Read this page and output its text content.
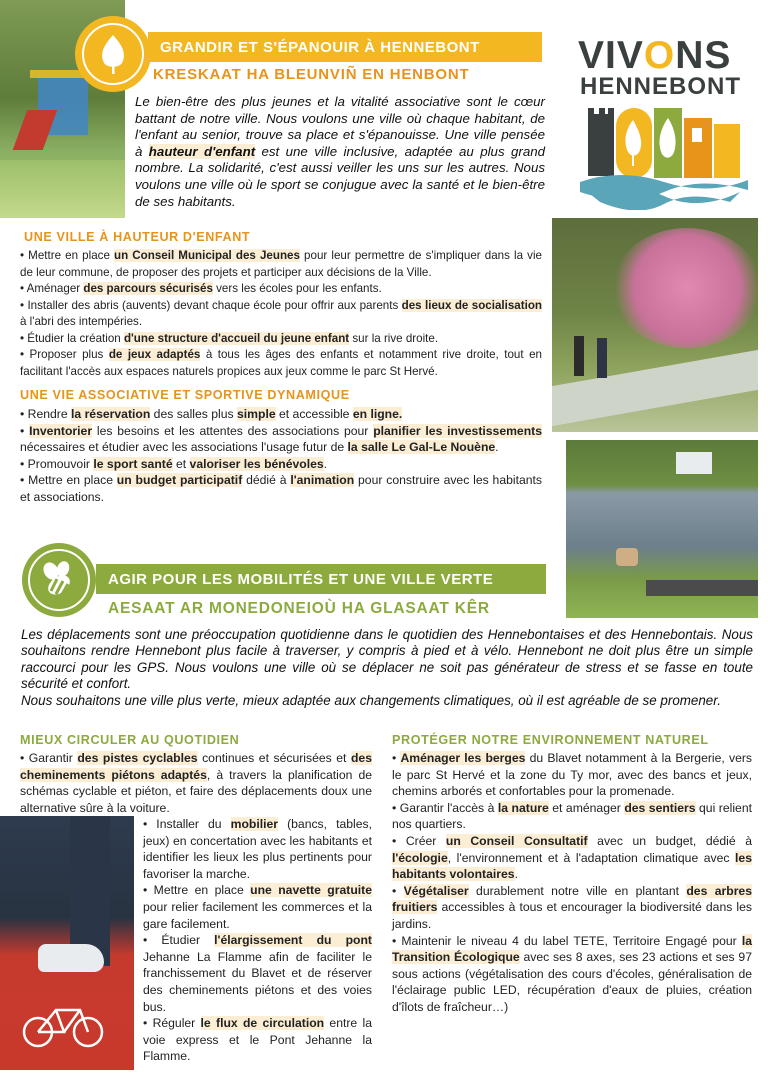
GRANDIR ET S'ÉPANOUIR À HENNEBONT
KRESKAAT HA BLEUNVIÑ EN HENBONT	VIVONS
HENNEBONT
Le bien-être des plus jeunes et la vitalité associative sont le cœur battant de notre ville. Nous voulons une ville où chaque habitant, de l'enfant au senior, trouve sa place et s'épanouisse. Une ville pensée à hauteur d'enfant est une ville inclusive, adaptée au plus grand nombre. La solidarité, c'est aussi veiller les uns sur les autres. Nous voulons une ville où le sport se conjugue avec la santé et le bien-être de ses habitants.
UNE VILLE À HAUTEUR D'ENFANT

• Mettre en place un Conseil Municipal des Jeunes pour leur permettre de s'impliquer dans la vie de leur commune, de proposer des projets et participer aux décisions de la Ville.

• Aménager des parcours sécurisés vers les écoles pour les enfants.

• Installer des abris (auvents) devant chaque école pour offrir aux parents des lieux de socialisation à l'abri des intempéries.

• Étudier la création d'une structure d'accueil du jeune enfant sur la rive droite.

• Proposer plus de jeux adaptés à tous les âges des enfants et notamment rive droite, tout en facilitant l'accès aux espaces naturels propices aux jeux comme le parc St Hervé.

UNE VIE ASSOCIATIVE ET SPORTIVE DYNAMIQUE

• Rendre la réservation des salles plus simple et accessible en ligne.

• Inventorier les besoins et les attentes des associations pour planifier les investissements nécessaires et étudier avec les associations l'usage futur de la salle Le Gal-Le Nouène.

• Promouvoir le sport santé et valoriser les bénévoles.

• Mettre en place un budget participatif dédié à l'animation pour construire avec les habitants et associations.

AGIR POUR LES MOBILITÉS ET UNE VILLE VERTE
AESAAT AR MONEDONEIOÙ HA GLASAAT KÊR
Les déplacements sont une préoccupation quotidienne dans le quotidien des Hennebontaises et des Hennebontais. Nous souhaitons rendre Hennebont plus facile à traverser, y compris à pied et à vélo. Hennebont ne doit plus être un simple raccourci pour les GPS. Nous voulons une ville où se déplacer ne soit pas générateur de stress et se fasse en toute sécurité et confort.
Nous souhaitons une ville plus verte, mieux adaptée aux changements climatiques, où il est agréable de se promener.
MIEUX CIRCULER AU QUOTIDIEN

• Garantir des pistes cyclables continues et sécurisées et des cheminements piétons adaptés, à travers la planification de schémas cyclable et piéton, et faire des déplacements doux une alternative sûre à la voiture.

• Installer du mobilier (bancs, tables, jeux) en concertation avec les habitants et identifier les lieux les plus pertinents pour favoriser la marche.

• Mettre en place une navette gratuite pour relier facilement les commerces et la gare facilement.

• Étudier l'élargissement du pont Jehanne La Flamme afin de faciliter le franchissement du Blavet et de réserver des cheminements piétons et des voies bus.

• Réguler le flux de circulation entre la voie express et le Pont Jehanne la Flamme.

PROTÉGER NOTRE ENVIRONNEMENT NATUREL

• Aménager les berges du Blavet notamment à la Bergerie, vers le parc St Hervé et la zone du Ty mor, avec des bancs et jeux, chemins arborés et confortables pour la promenade.

• Garantir l'accès à la nature et aménager des sentiers qui relient nos quartiers.

• Créer un Conseil Consultatif avec un budget, dédié à l'écologie, l'environnement et à l'adaptation climatique avec les habitants volontaires.

• Végétaliser durablement notre ville en plantant des arbres fruitiers accessibles à tous et encourager la biodiversité dans les jardins.

• Maintenir le niveau 4 du label TETE, Territoire Engagé pour la Transition Écologique avec ses 8 axes, ses 23 actions et ses 97 sous actions (végétalisation des cours d'écoles, généralisation de l'éclairage public LED, récupération d'eaux de pluies, création d'îlots de fraîcheur…)
